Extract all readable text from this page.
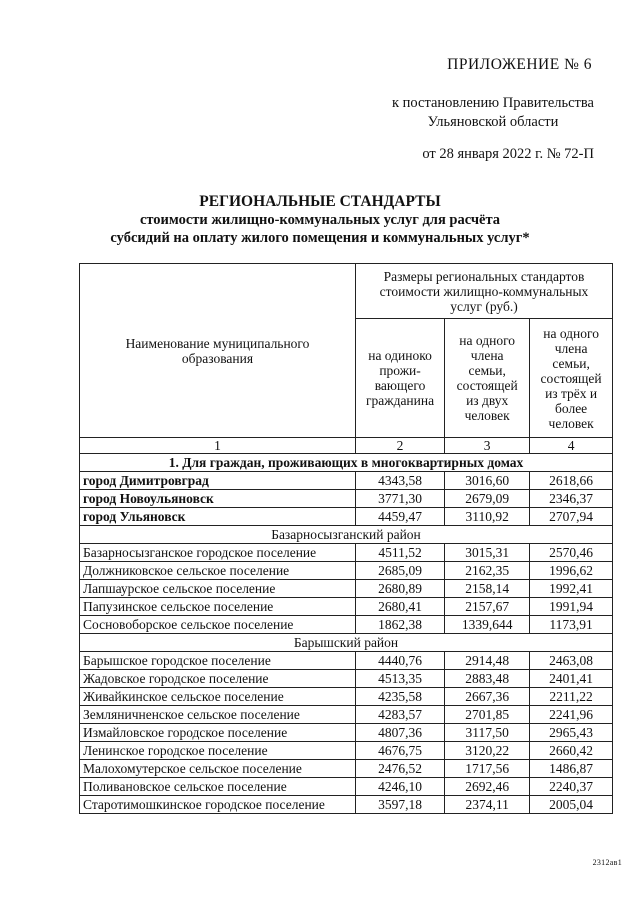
ПРИЛОЖЕНИЕ № 6
к постановлению Правительства
Ульяновской области
от 28 января 2022 г. № 72-П
РЕГИОНАЛЬНЫЕ СТАНДАРТЫ
стоимости жилищно-коммунальных услуг для расчёта
субсидий на оплату жилого помещения и коммунальных услуг*
Наименование муниципального образования	Размеры региональных стандартов стоимости жилищно-коммунальных услуг (руб.)		
	на одиноко прожи-вающего гражданина	на одного члена семьи, состоящей из двух человек	на одного члена семьи, состоящей из трёх и более человек
1	2	3	4
1. Для граждан, проживающих в многоквартирных домах			
город Димитровград	4343,58	3016,60	2618,66
город Новоульяновск	3771,30	2679,09	2346,37
город Ульяновск	4459,47	3110,92	2707,94
Базарносызганский район			
Базарносызганское городское поселение	4511,52	3015,31	2570,46
Должниковское сельское поселение	2685,09	2162,35	1996,62
Лапшаурское сельское поселение	2680,89	2158,14	1992,41
Папузинское сельское поселение	2680,41	2157,67	1991,94
Сосновоборское сельское поселение	1862,38	1339,644	1173,91
Барышский район			
Барышское городское поселение	4440,76	2914,48	2463,08
Жадовское городское поселение	4513,35	2883,48	2401,41
Живайкинское сельское поселение	4235,58	2667,36	2211,22
Земляничненское сельское поселение	4283,57	2701,85	2241,96
Измайловское городское поселение	4807,36	3117,50	2965,43
Ленинское городское поселение	4676,75	3120,22	2660,42
Малохомутерское сельское поселение	2476,52	1717,56	1486,87
Поливановское сельское поселение	4246,10	2692,46	2240,37
Старотимошкинское городское поселение	3597,18	2374,11	2005,04
2312ав1
